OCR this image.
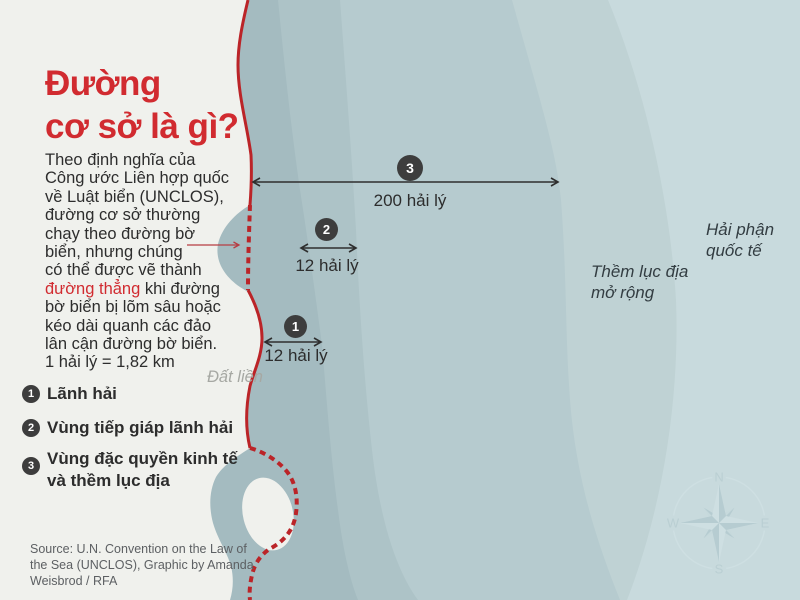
N
E
S
W
Đường
cơ sở là gì?
Theo định nghĩa của
Công ước Liên hợp quốc
về Luật biển (UNCLOS),
đường cơ sở thường
chạy theo đường bờ
biển, nhưng chúng
có thể được vẽ thành
đường thẳng khi đường
bờ biển bị lõm sâu hoặc
kéo dài quanh các đảo
lân cận đường bờ biển.
1 hải lý = 1,82 km
1 Lãnh hải
2 Vùng tiếp giáp lãnh hải
3 Vùng đặc quyền kinh tế và thềm lục địa
Source: U.N. Convention on the Law of the Sea (UNCLOS), Graphic by Amanda Weisbrod / RFA
Đất liền
Thềm lục địa mở rộng
Hải phận quốc tế
1
12 hải lý
2
12 hải lý
3
200 hải lý
